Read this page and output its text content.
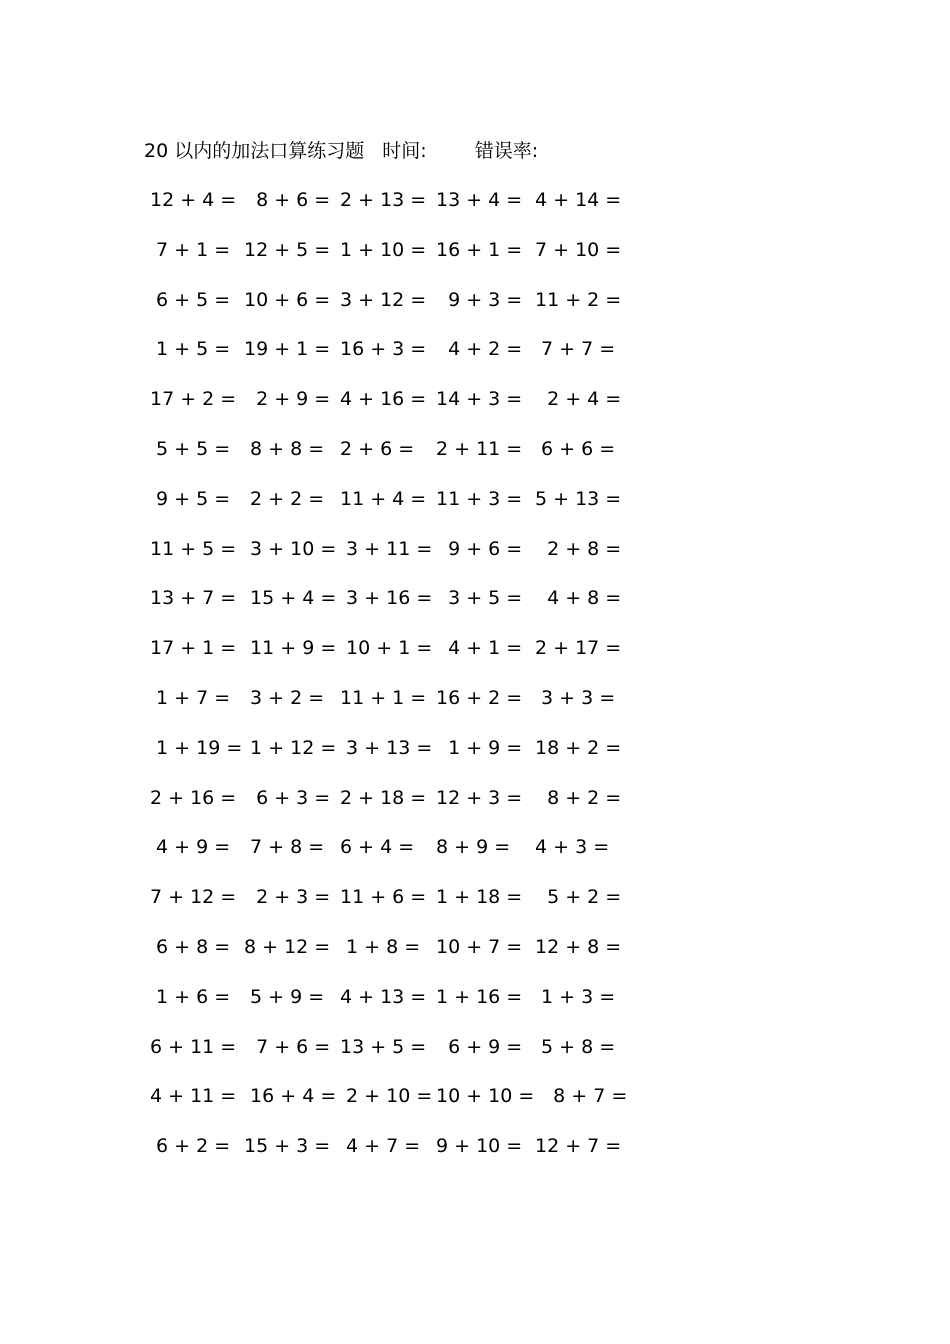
20 以内的加法口算练习题 时间:	错误率:
12 + 4 = 8 + 6 = 2 + 13 = 13 + 4 = 4 + 14 =
7 + 1 = 12 + 5 = 1 + 10 = 16 + 1 = 7 + 10 =
6 + 5 = 10 + 6 = 3 + 12 = 9 + 3 = 11 + 2 =
1 + 5 = 19 + 1 = 16 + 3 = 4 + 2 = 7 + 7 =
17 + 2 = 2 + 9 = 4 + 16 = 14 + 3 = 2 + 4 =
5 + 5 = 8 + 8 = 2 + 6 = 2 + 11 = 6 + 6 =
9 + 5 = 2 + 2 = 11 + 4 = 11 + 3 = 5 + 13 =
11 + 5 = 3 + 10 = 3 + 11 = 9 + 6 = 2 + 8 =
13 + 7 = 15 + 4 = 3 + 16 = 3 + 5 = 4 + 8 =
17 + 1 = 11 + 9 = 10 + 1 = 4 + 1 = 2 + 17 =
1 + 7 = 3 + 2 = 11 + 1 = 16 + 2 = 3 + 3 =
1 + 19 = 1 + 12 = 3 + 13 = 1 + 9 = 18 + 2 =
2 + 16 = 6 + 3 = 2 + 18 = 12 + 3 = 8 + 2 =
4 + 9 = 7 + 8 = 6 + 4 = 8 + 9 = 4 + 3 =
7 + 12 = 2 + 3 = 11 + 6 = 1 + 18 = 5 + 2 =
6 + 8 = 8 + 12 = 1 + 8 = 10 + 7 = 12 + 8 =
1 + 6 = 5 + 9 = 4 + 13 = 1 + 16 = 1 + 3 =
6 + 11 = 7 + 6 = 13 + 5 = 6 + 9 = 5 + 8 =
4 + 11 = 16 + 4 = 2 + 10 = 10 + 10 = 8 + 7 =
6 + 2 = 15 + 3 = 4 + 7 = 9 + 10 = 12 + 7 =
